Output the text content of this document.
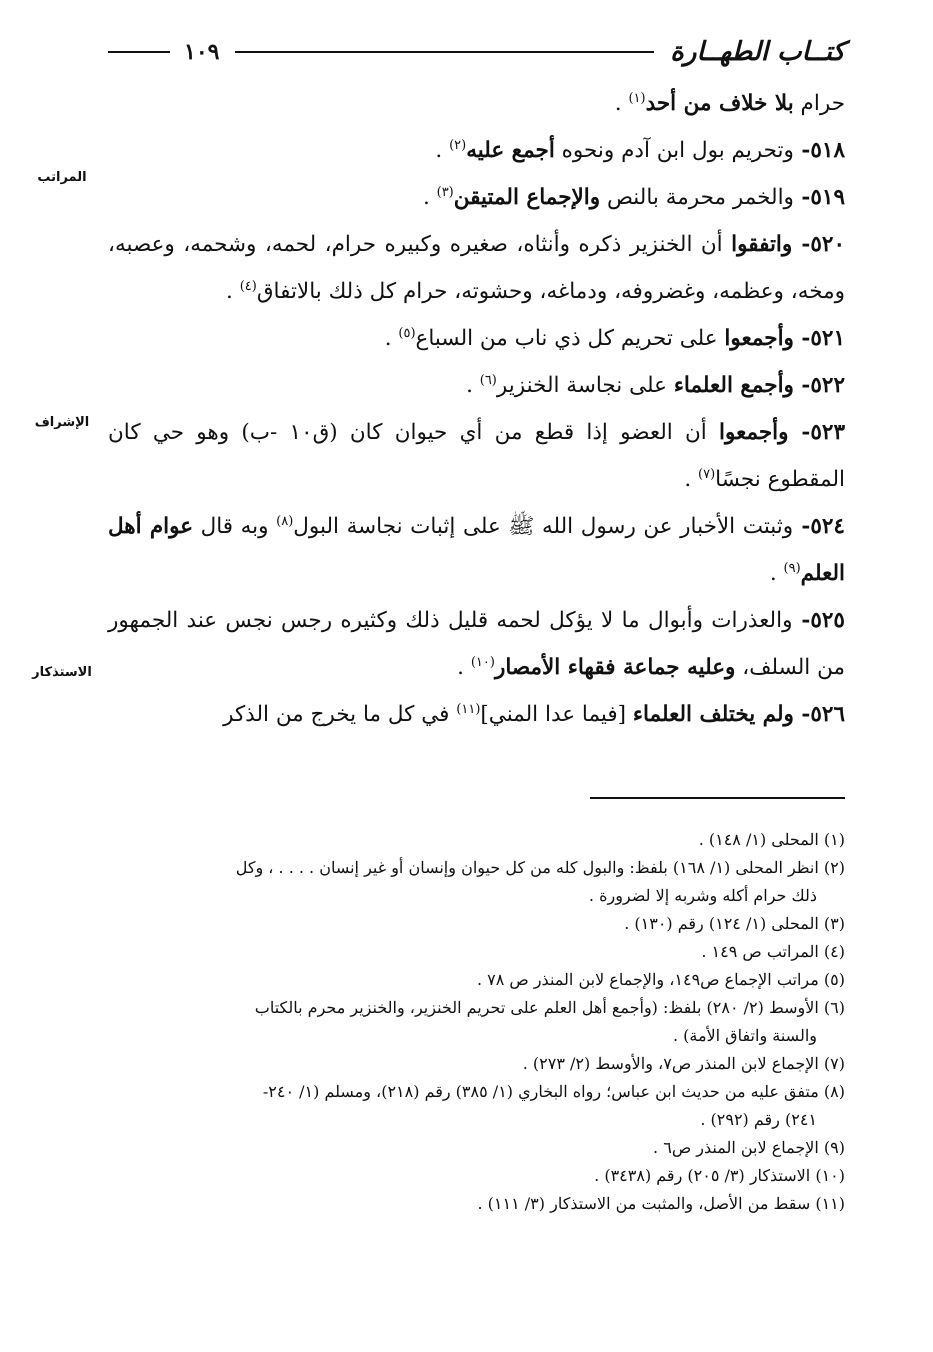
كتــاب الطهــارة
١٠٩
المراتب
الإشراف
الاستذكار

حرام بلا خلاف من أحد$^{(١)}$ .

٥١٨- وتحريم بول ابن آدم ونحوه أجمع عليه$^{(٢)}$ .

٥١٩- والخمر محرمة بالنص والإجماع المتيقن$^{(٣)}$ .

٥٢٠- واتفقوا أن الخنزير ذكره وأنثاه، صغيره وكبيره حرام، لحمه، وشحمه، وعصبه، ومخه، وعظمه، وغضروفه، ودماغه، وحشوته، حرام كل ذلك بالاتفاق$^{(٤)}$ .

٥٢١- وأجمعوا على تحريم كل ذي ناب من السباع$^{(٥)}$ .

٥٢٢- وأجمع العلماء على نجاسة الخنزير$^{(٦)}$ .

٥٢٣- وأجمعوا أن العضو إذا قطع من أي حيوان كان (ق١٠ -ب) وهو حي كان المقطوع نجسًا$^{(٧)}$ .

٥٢٤- وثبتت الأخبار عن رسول الله ﷺ على إثبات نجاسة البول$^{(٨)}$ وبه قال عوام أهل العلم$^{(٩)}$ .

٥٢٥- والعذرات وأبوال ما لا يؤكل لحمه قليل ذلك وكثيره رجس نجس عند الجمهور من السلف، وعليه جماعة فقهاء الأمصار$^{(١٠)}$ .

٥٢٦- ولم يختلف العلماء [فيما عدا المني]$^{(١١)}$ في كل ما يخرج من الذكر

(١) المحلى (١/ ١٤٨) .

(٢) انظر المحلى (١/ ١٦٨) بلفظ: والبول كله من كل حيوان وإنسان أو غير إنسان . . . . ، وكل
ذلك حرام أكله وشربه إلا لضرورة .

(٣) المحلى (١/ ١٢٤) رقم (١٣٠) .

(٤) المراتب ص ١٤٩ .

(٥) مراتب الإجماع ص١٤٩، والإجماع لابن المنذر ص ٧٨ .

(٦) الأوسط (٢/ ٢٨٠) بلفظ: (وأجمع أهل العلم على تحريم الخنزير، والخنزير محرم بالكتاب
والسنة واتفاق الأمة) .

(٧) الإجماع لابن المنذر ص٧، والأوسط (٢/ ٢٧٣) .

(٨) متفق عليه من حديث ابن عباس؛ رواه البخاري (١/ ٣٨٥) رقم (٢١٨)، ومسلم (١/ ٢٤٠-
٢٤١) رقم (٢٩٢) .

(٩) الإجماع لابن المنذر ص٦ .

(١٠) الاستذكار (٣/ ٢٠٥) رقم (٣٤٣٨) .

(١١) سقط من الأصل، والمثبت من الاستذكار (٣/ ١١١) .
